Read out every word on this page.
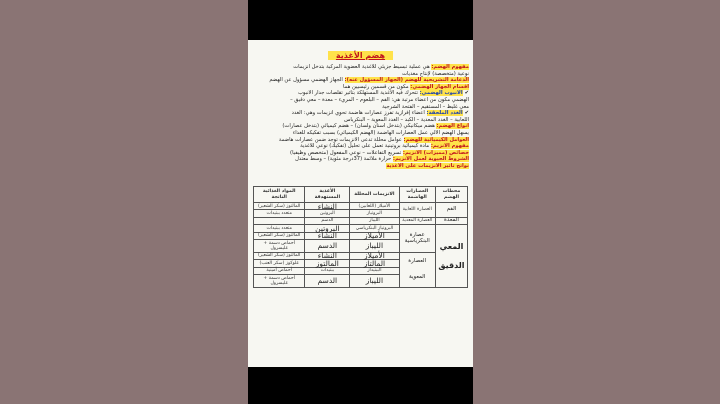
هضم الأغذية
مفهوم الهضم: هي عملية تبسيط جزيئي للأغذية العضوية المركبة بتدخل انزيمات
نوعية (متخصصة) لإنتاج مغذيات
الدعامة التشريحية للهضم (الجهاز المسؤول عنه): الجهاز الهضمي مسؤول عن الهضم
أقسام الجهاز الهضمي: مكون من قسمين رئيسيين هما
✔الأنبوب الهضمي: تتحرك فيه الأغذية المستهلكة بتأثير تقلصات جدار الأنبوب
الهضمي مكون من أعضاء مرتبة هي: الفم – البلعوم – المريء – معدة – معي دقيق –
معي غليظ – المستقيم – الفتحة الشرجية
✔الغدد الملحقة: أعضاء إفرازية تفرز عصارات هاضمة تحوي انزيمات وهي: الغدد
اللعابية – الغدد المعدية – الكبد – الغدد المعوية – البنكرياس
أنواع الهضم: هضم ميكانيكي (بتدخل أسنان ولسان) – هضم كيميائي (بتدخل عصارات)
يسهل الهضم الآلي عمل العصارات الهاضمة (الهضم الكيميائي) بسبب تفكيكه للغذاء
العوامل الكيميائية للهضم: عوامل محللة تدعى الانزيمات توجد ضمن عصارات هاضمة
مفهوم الانزيم: مادة كيميائية بروتينية تعمل على تحليل (تفكيك) نوعي للأغذية
خصائص (مميزات) الانزيم: تسريع التفاعلات – نوعي المفعول (متخصص وظيفيا)
الشروط الحيوية لعمل الانزيم: حرارة ملائمة (37درجة مئوية) – وسط معتدل
نواتج تأثير الانزيمات على الأغذية
محطات الهضم	العصارات الهاضمة	الانزيمات المحللة	الأغذية المستهدفة	المواد الغذائية الناتجة
الفم	العصارة اللعابية	الأميلاز (اللعابين)	النشاء	المالتوز (سكر الشعير)
		البروتياز	البروتين	متعدد ببتيدات
المعدة	العصارة المعدية	الليباز	الدسم	

المعي
الدقيق	عصارة البنكرياسية	البروتياز البنكرياسي	البروتين	متعدد ببتيدات
		الأميلاز	النشاء	المالتوز (سكر الشعير)
		الليباز	الدسم	أحماض دسمة + غليسرول

	العصارة
المعوية	الأميلاز	النشاء	المالتوز (سكر الشعير)
		المالتاز	المالتوز	غلوكوز (سكر العنب)
		الببتيداز	ببتيدات	أحماض أمينية
		الليباز	الدسم	أحماض دسمة + غليسرول
